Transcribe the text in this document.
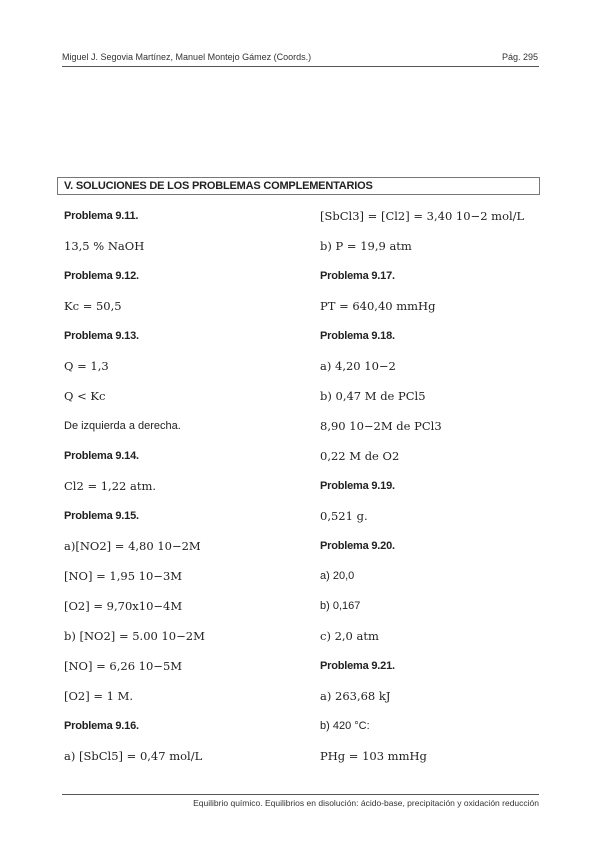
Miguel J. Segovia Martínez, Manuel Montejo Gámez (Coords.)	Pág. 295
V. SOLUCIONES DE LOS PROBLEMAS COMPLEMENTARIOS
Problema 9.11.
13,5 % NaOH
Problema 9.12.
Kc = 50,5
Problema 9.13.
Q = 1,3
Q < Kc
De izquierda a derecha.
Problema 9.14.
Cl2 = 1,22 atm.
Problema 9.15.
a)[NO2] = 4,80 10−2M
[NO] = 1,95 10−3M
[O2] = 9,70x10−4M
b) [NO2] = 5.00 10−2M
[NO] = 6,26 10−5M
[O2] = 1 M.
Problema 9.16.
a) [SbCl5] = 0,47 mol/L
[SbCl3] = [Cl2] = 3,40 10−2 mol/L
b) P = 19,9 atm
Problema 9.17.
PT = 640,40 mmHg
Problema 9.18.
a) 4,20 10−2
b) 0,47 M de PCl5
8,90 10−2M de PCl3
0,22 M de O2
Problema 9.19.
0,521 g.
Problema 9.20.
a) 20,0
b) 0,167
c) 2,0 atm
Problema 9.21.
a) 263,68 kJ
b) 420 °C:
PHg = 103 mmHg
Equilibrio químico. Equilibrios en disolución: ácido-base, precipitación y oxidación reducción
